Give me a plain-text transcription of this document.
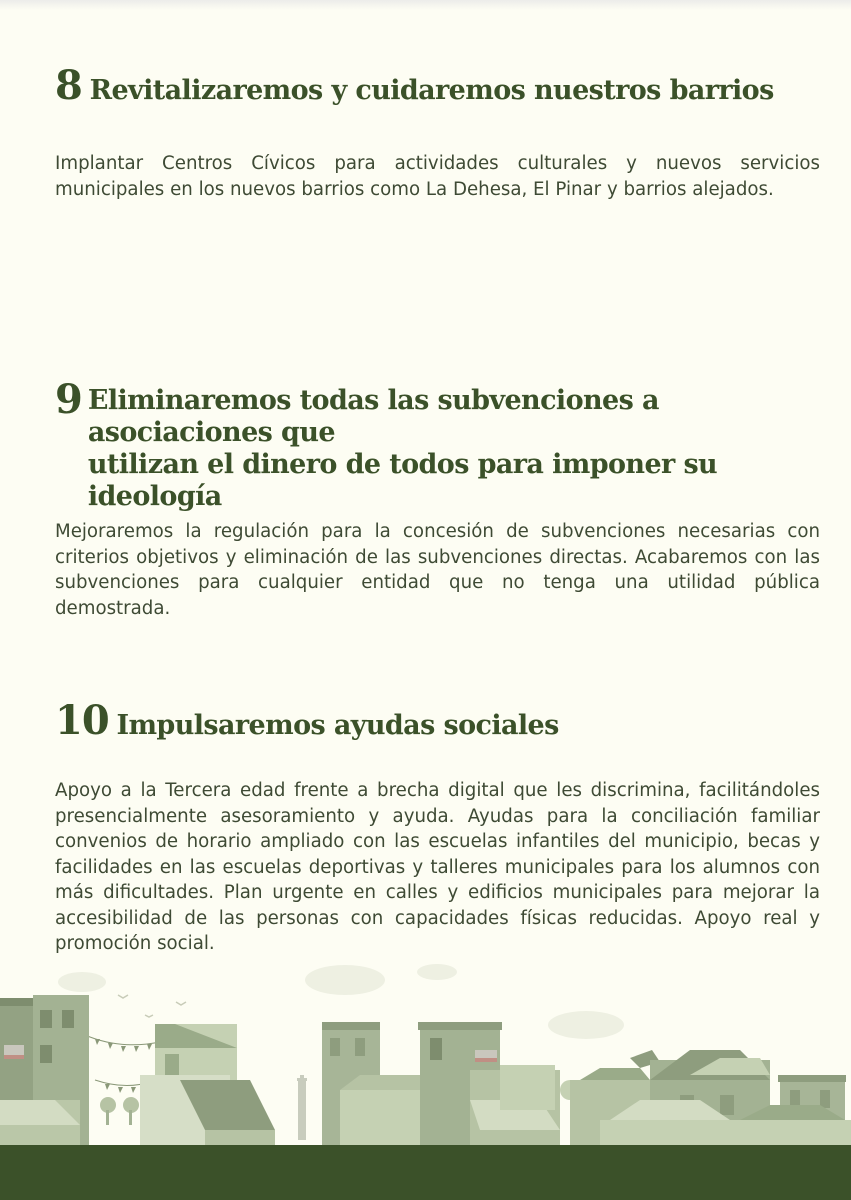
8 Revitalizaremos y cuidaremos nuestros barrios

Implantar Centros Cívicos para actividades culturales y nuevos servicios municipales en los nuevos barrios como La Dehesa, El Pinar y barrios alejados.

9 Eliminaremos todas las subvenciones a asociaciones que
utilizan el dinero de todos para imponer su ideología

Mejoraremos la regulación para la concesión de subvenciones necesarias con criterios objetivos y eliminación de las subvenciones directas. Acabaremos con las subvenciones para cualquier entidad que no tenga una utilidad pública demostrada.

10 Impulsaremos ayudas sociales

Apoyo a la Tercera edad frente a brecha digital que les discrimina, facilitándoles presencialmente asesoramiento y ayuda. Ayudas para la conciliación familiar convenios de horario ampliado con las escuelas infantiles del municipio, becas y facilidades en las escuelas deportivas y talleres municipales para los alumnos con más dificultades. Plan urgente en calles y edificios municipales para mejorar la accesibilidad de las personas con capacidades físicas reducidas. Apoyo real y promoción social.
